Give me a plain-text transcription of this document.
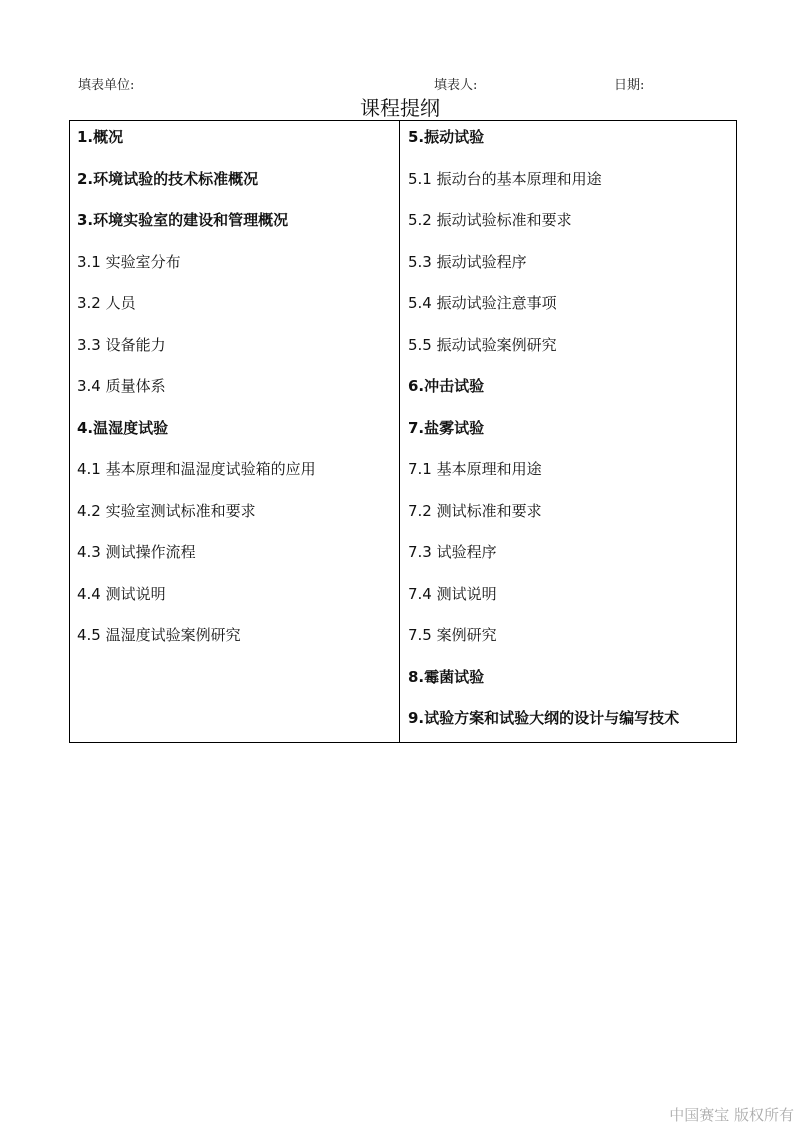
填表单位:	填表人:	日期:
课程提纲
1.概况
2.环境试验的技术标准概况
3.环境实验室的建设和管理概况
3.1 实验室分布
3.2 人员
3.3 设备能力
3.4 质量体系
4.温湿度试验
4.1 基本原理和温湿度试验箱的应用
4.2 实验室测试标准和要求
4.3 测试操作流程
4.4 测试说明
4.5 温湿度试验案例研究
5.振动试验
5.1 振动台的基本原理和用途
5.2 振动试验标准和要求
5.3 振动试验程序
5.4 振动试验注意事项
5.5 振动试验案例研究
6.冲击试验
7.盐雾试验
7.1 基本原理和用途
7.2 测试标准和要求
7.3 试验程序
7.4 测试说明
7.5 案例研究
8.霉菌试验
9.试验方案和试验大纲的设计与编写技术
中国赛宝 版权所有
